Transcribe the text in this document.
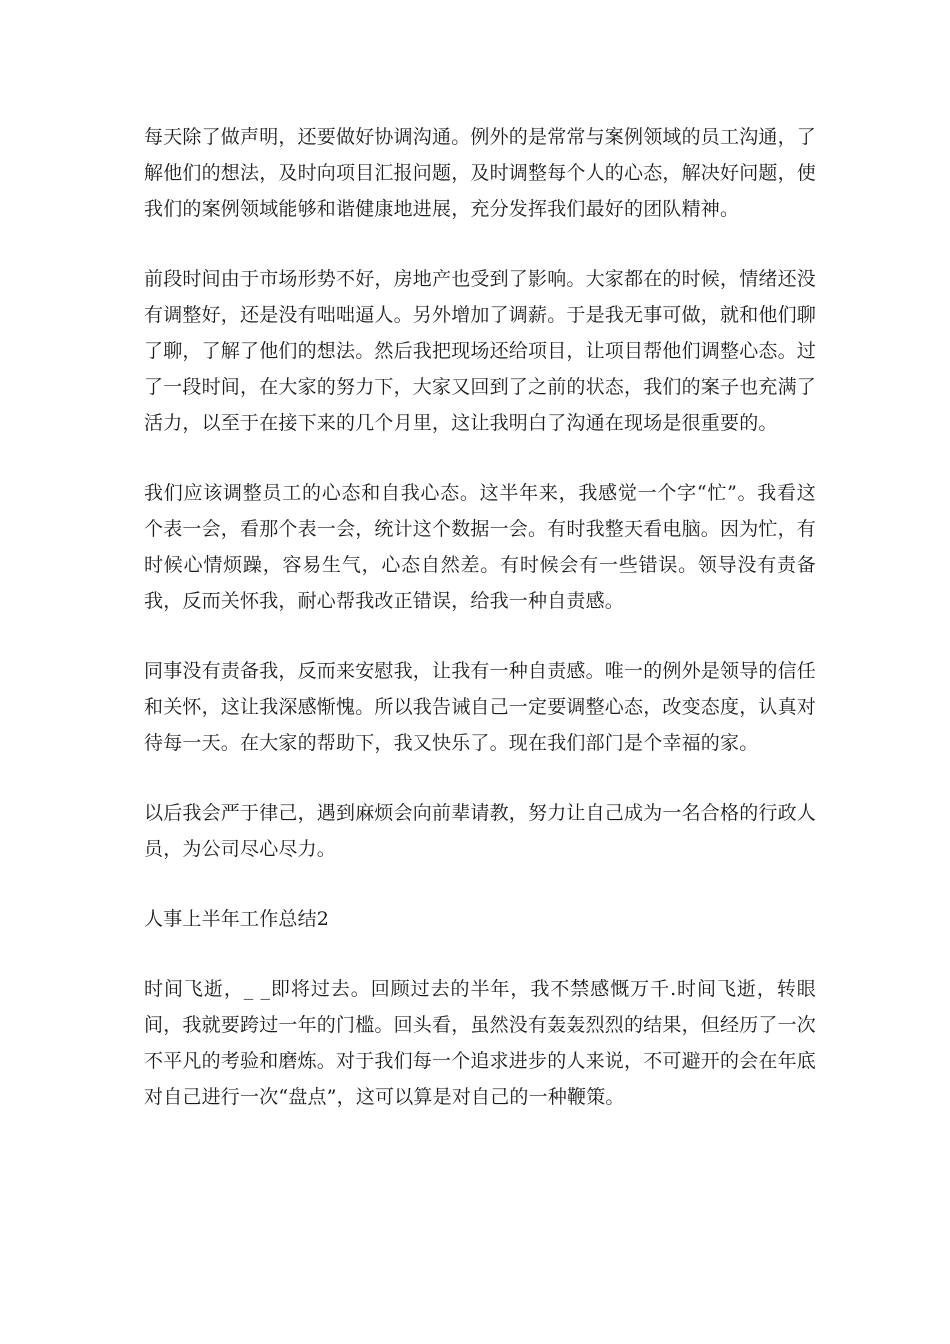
每天除了做声明，还要做好协调沟通。例外的是常常与案例领域的员工沟通，了解他们的想法，及时向项目汇报问题，及时调整每个人的心态，解决好问题，使我们的案例领域能够和谐健康地进展，充分发挥我们最好的团队精神。

前段时间由于市场形势不好，房地产也受到了影响。大家都在的时候，情绪还没有调整好，还是没有咄咄逼人。另外增加了调薪。于是我无事可做，就和他们聊了聊，了解了他们的想法。然后我把现场还给项目，让项目帮他们调整心态。过了一段时间，在大家的努力下，大家又回到了之前的状态，我们的案子也充满了活力，以至于在接下来的几个月里，这让我明白了沟通在现场是很重要的。

我们应该调整员工的心态和自我心态。这半年来，我感觉一个字“忙”。我看这个表一会，看那个表一会，统计这个数据一会。有时我整天看电脑。因为忙，有时候心情烦躁，容易生气，心态自然差。有时候会有一些错误。领导没有责备我，反而关怀我，耐心帮我改正错误，给我一种自责感。

同事没有责备我，反而来安慰我，让我有一种自责感。唯一的例外是领导的信任和关怀，这让我深感惭愧。所以我告诫自己一定要调整心态，改变态度，认真对待每一天。在大家的帮助下，我又快乐了。现在我们部门是个幸福的家。

以后我会严于律己，遇到麻烦会向前辈请教，努力让自己成为一名合格的行政人员，为公司尽心尽力。

人事上半年工作总结2

时间飞逝，_ _即将过去。回顾过去的半年，我不禁感慨万千.时间飞逝，转眼间，我就要跨过一年的门槛。回头看，虽然没有轰轰烈烈的结果，但经历了一次不平凡的考验和磨炼。对于我们每一个追求进步的人来说，不可避开的会在年底对自己进行一次“盘点”，这可以算是对自己的一种鞭策。
